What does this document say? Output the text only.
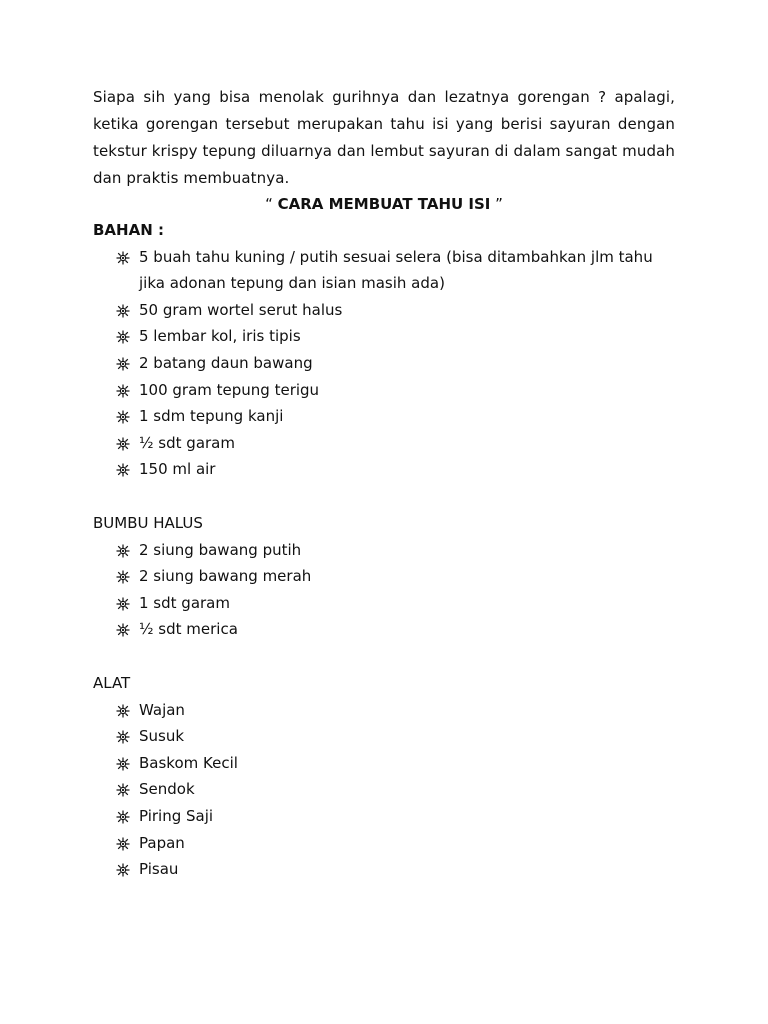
Siapa sih yang bisa menolak gurihnya dan lezatnya gorengan ? apalagi, ketika gorengan tersebut merupakan tahu isi yang berisi sayuran dengan tekstur krispy tepung diluarnya dan lembut sayuran di dalam sangat mudah dan praktis membuatnya.

“ CARA MEMBUAT TAHU ISI ”
BAHAN :
5 buah tahu kuning / putih sesuai selera (bisa ditambahkan jlm tahu jika adonan tepung dan isian masih ada)
50 gram wortel serut halus
5 lembar kol, iris tipis
2 batang daun bawang
100 gram tepung terigu
1 sdm tepung kanji
½ sdt garam
150 ml air
BUMBU HALUS
2 siung bawang putih
2 siung bawang merah
1 sdt garam
½ sdt merica
ALAT
Wajan
Susuk
Baskom Kecil
Sendok
Piring Saji
Papan
Pisau
